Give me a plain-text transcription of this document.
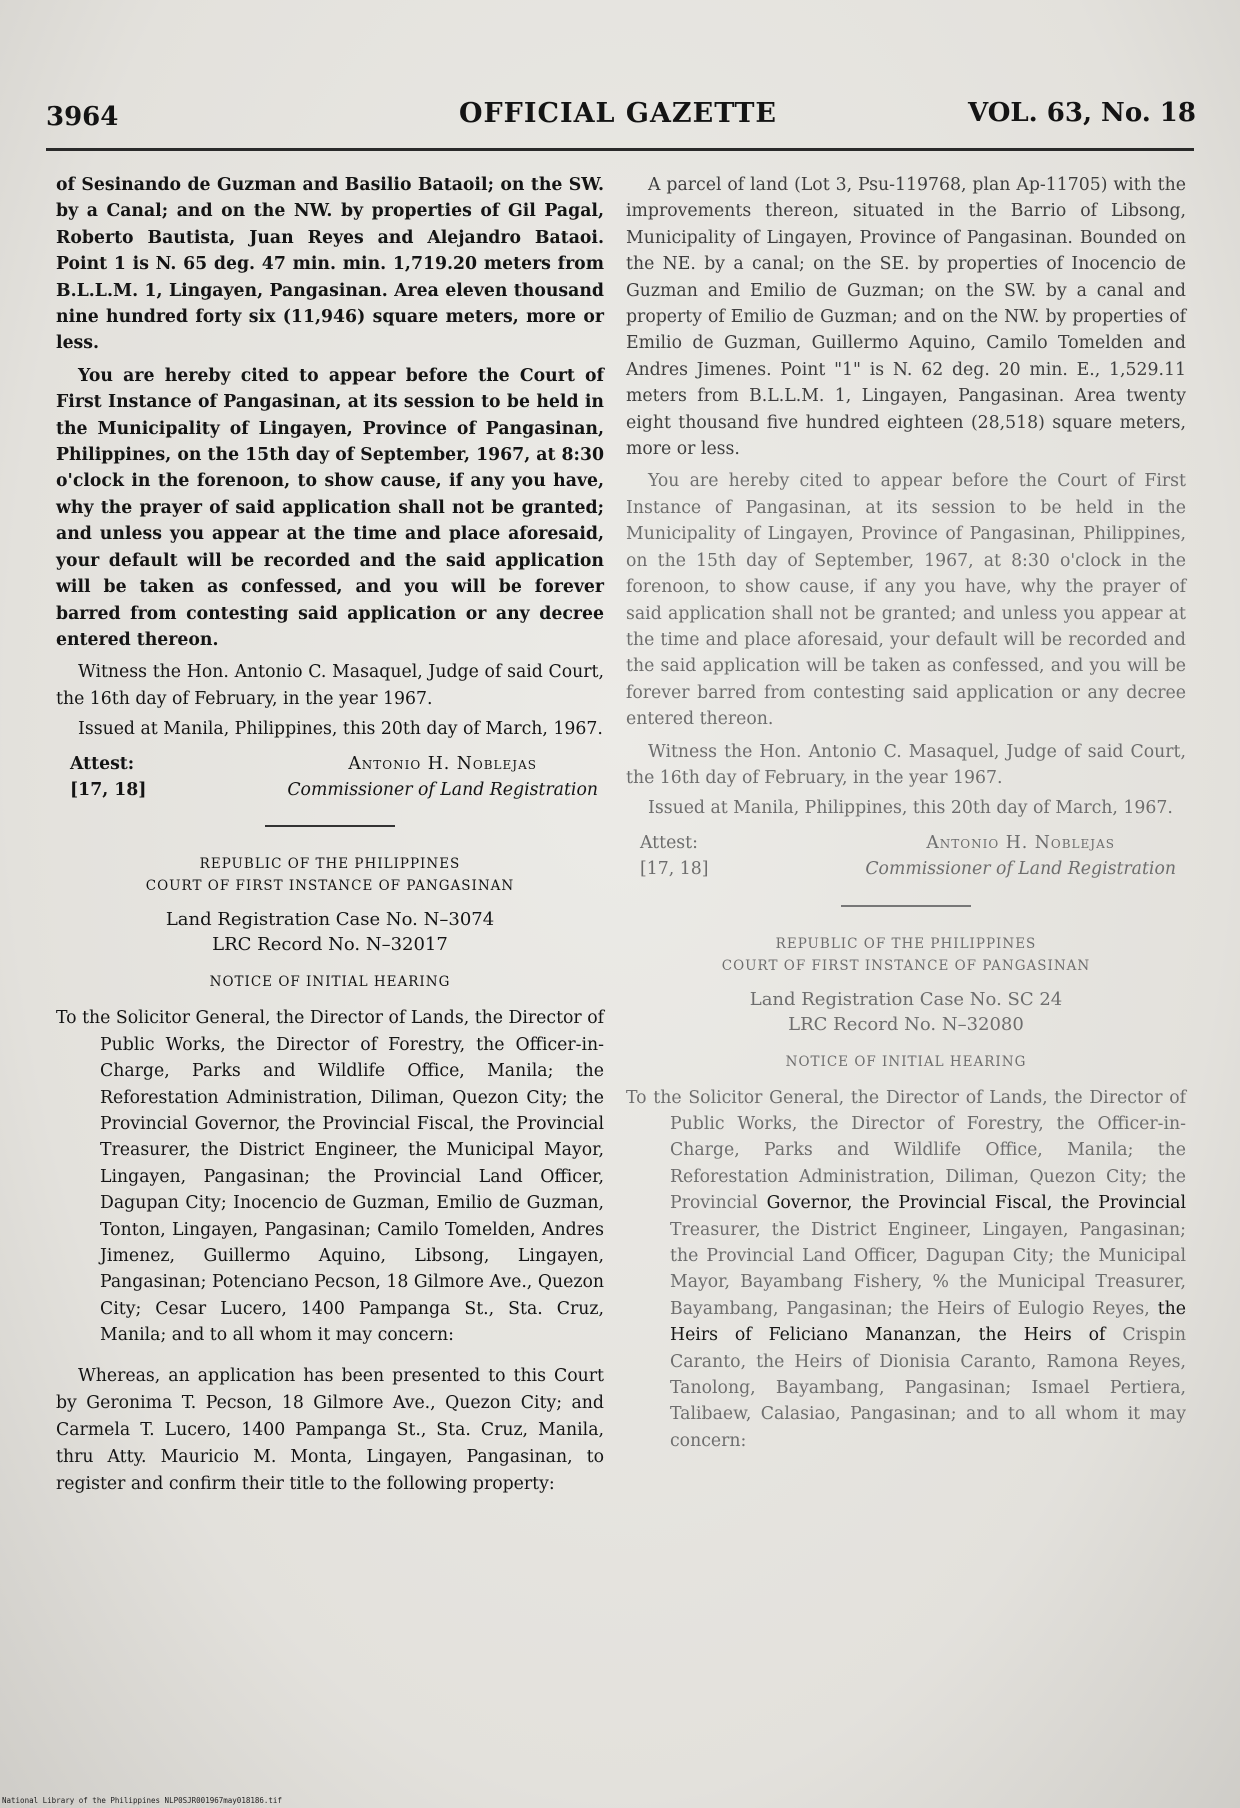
3964	OFFICIAL GAZETTE	VOL. 63, No. 18

of Sesinando de Guzman and Basilio Bataoil; on the SW. by a Canal; and on the NW. by properties of Gil Pagal, Roberto Bautista, Juan Reyes and Alejandro Bataoi. Point 1 is N. 65 deg. 47 min. min. 1,719.20 meters from B.L.L.M. 1, Lingayen, Pangasinan. Area eleven thousand nine hundred forty six (11,946) square meters, more or less.

You are hereby cited to appear before the Court of First Instance of Pangasinan, at its session to be held in the Municipality of Lingayen, Province of Pangasinan, Philippines, on the 15th day of September, 1967, at 8:30 o'clock in the forenoon, to show cause, if any you have, why the prayer of said application shall not be granted; and unless you appear at the time and place aforesaid, your default will be recorded and the said application will be taken as confessed, and you will be forever barred from contesting said application or any decree entered thereon.

Witness the Hon. Antonio C. Masaquel, Judge of said Court, the 16th day of February, in the year 1967.

Issued at Manila, Philippines, this 20th day of March, 1967.

Attest:
[17, 18]
Antonio H. Noblejas
Commissioner of Land Registration
REPUBLIC OF THE PHILIPPINES
COURT OF FIRST INSTANCE OF PANGASINAN
Land Registration Case No. N–3074
LRC Record No. N–32017
NOTICE OF INITIAL HEARING

To the Solicitor General, the Director of Lands, the Director of Public Works, the Director of Forestry, the Officer-in-Charge, Parks and Wildlife Office, Manila; the Reforestation Administration, Diliman, Quezon City; the Provincial Governor, the Provincial Fiscal, the Provincial Treasurer, the District Engineer, the Municipal Mayor, Lingayen, Pangasinan; the Provincial Land Officer, Dagupan City; Inocencio de Guzman, Emilio de Guzman, Tonton, Lingayen, Pangasinan; Camilo Tomelden, Andres Jimenez, Guillermo Aquino, Libsong, Lingayen, Pangasinan; Potenciano Pecson, 18 Gilmore Ave., Quezon City; Cesar Lucero, 1400 Pampanga St., Sta. Cruz, Manila; and to all whom it may concern:

Whereas, an application has been presented to this Court by Geronima T. Pecson, 18 Gilmore Ave., Quezon City; and Carmela T. Lucero, 1400 Pampanga St., Sta. Cruz, Manila, thru Atty. Mauricio M. Monta, Lingayen, Pangasinan, to register and confirm their title to the following property:

A parcel of land (Lot 3, Psu-119768, plan Ap-11705) with the improvements thereon, situated in the Barrio of Libsong, Municipality of Lingayen, Province of Pangasinan. Bounded on the NE. by a canal; on the SE. by properties of Inocencio de Guzman and Emilio de Guzman; on the SW. by a canal and property of Emilio de Guzman; and on the NW. by properties of Emilio de Guzman, Guillermo Aquino, Camilo Tomelden and Andres Jimenes. Point "1" is N. 62 deg. 20 min. E., 1,529.11 meters from B.L.L.M. 1, Lingayen, Pangasinan. Area twenty eight thousand five hundred eighteen (28,518) square meters, more or less.

You are hereby cited to appear before the Court of First Instance of Pangasinan, at its session to be held in the Municipality of Lingayen, Province of Pangasinan, Philippines, on the 15th day of September, 1967, at 8:30 o'clock in the forenoon, to show cause, if any you have, why the prayer of said application shall not be granted; and unless you appear at the time and place aforesaid, your default will be recorded and the said application will be taken as confessed, and you will be forever barred from contesting said application or any decree entered thereon.

Witness the Hon. Antonio C. Masaquel, Judge of said Court, the 16th day of February, in the year 1967.

Issued at Manila, Philippines, this 20th day of March, 1967.

Attest:
[17, 18]
Antonio H. Noblejas
Commissioner of Land Registration
REPUBLIC OF THE PHILIPPINES
COURT OF FIRST INSTANCE OF PANGASINAN
Land Registration Case No. SC 24
LRC Record No. N–32080
NOTICE OF INITIAL HEARING
To the Solicitor General, the Director of Lands, the Director of Public Works, the Director of Forestry, the Officer-in-Charge, Parks and Wildlife Office, Manila; the Reforestation Administration, Diliman, Quezon City; the Provincial Governor, the Provincial Fiscal, the Provincial Treasurer, the District Engineer, Lingayen, Pangasinan; the Provincial Land Officer, Dagupan City; the Municipal Mayor, Bayambang Fishery, % the Municipal Treasurer, Bayambang, Pangasinan; the Heirs of Eulogio Reyes, the Heirs of Feliciano Mananzan, the Heirs of Crispin Caranto, the Heirs of Dionisia Caranto, Ramona Reyes, Tanolong, Bayambang, Pangasinan; Ismael Pertiera, Talibaew, Calasiao, Pangasinan; and to all whom it may concern:
National Library of the Philippines NLP0SJR001967may018186.tif
